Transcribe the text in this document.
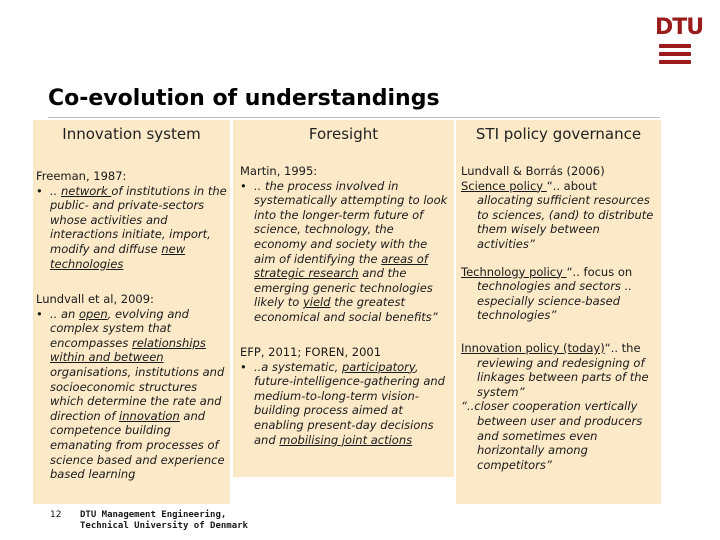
DTU
Co-evolution of understandings
Innovation system
Freeman, 1987:
• .. network of institutions in the public- and private-sectors whose activities and interactions initiate, import, modify and diffuse new technologies
Lundvall et al, 2009:
• .. an open, evolving and complex system that encompasses relationships within and between organisations, institutions and socioeconomic structures which determine the rate and direction of innovation and competence building emanating from processes of science based and experience based learning
Foresight
Martin, 1995:
• .. the process involved in systematically attempting to look into the longer-term future of science, technology, the economy and society with the aim of identifying the areas of strategic research and the emerging generic technologies likely to yield the greatest economical and social benefits”
EFP, 2011; FOREN, 2001
• ..a systematic, participatory, future-intelligence-gathering and medium-to-long-term vision-building process aimed at enabling present-day decisions and mobilising joint actions
STI policy governance
Lundvall & Borrás (2006)
Science policy “.. about
allocating sufficient resources to sciences, (and) to distribute them wisely between activities”
Technology policy “.. focus on
technologies and sectors .. especially science-based technologies”
Innovation policy (today)“.. the
reviewing and redesigning of linkages between parts of the system”
“..closer cooperation vertically
between user and producers and sometimes even horizontally among competitors”
12 DTU Management Engineering,
Technical University of Denmark
